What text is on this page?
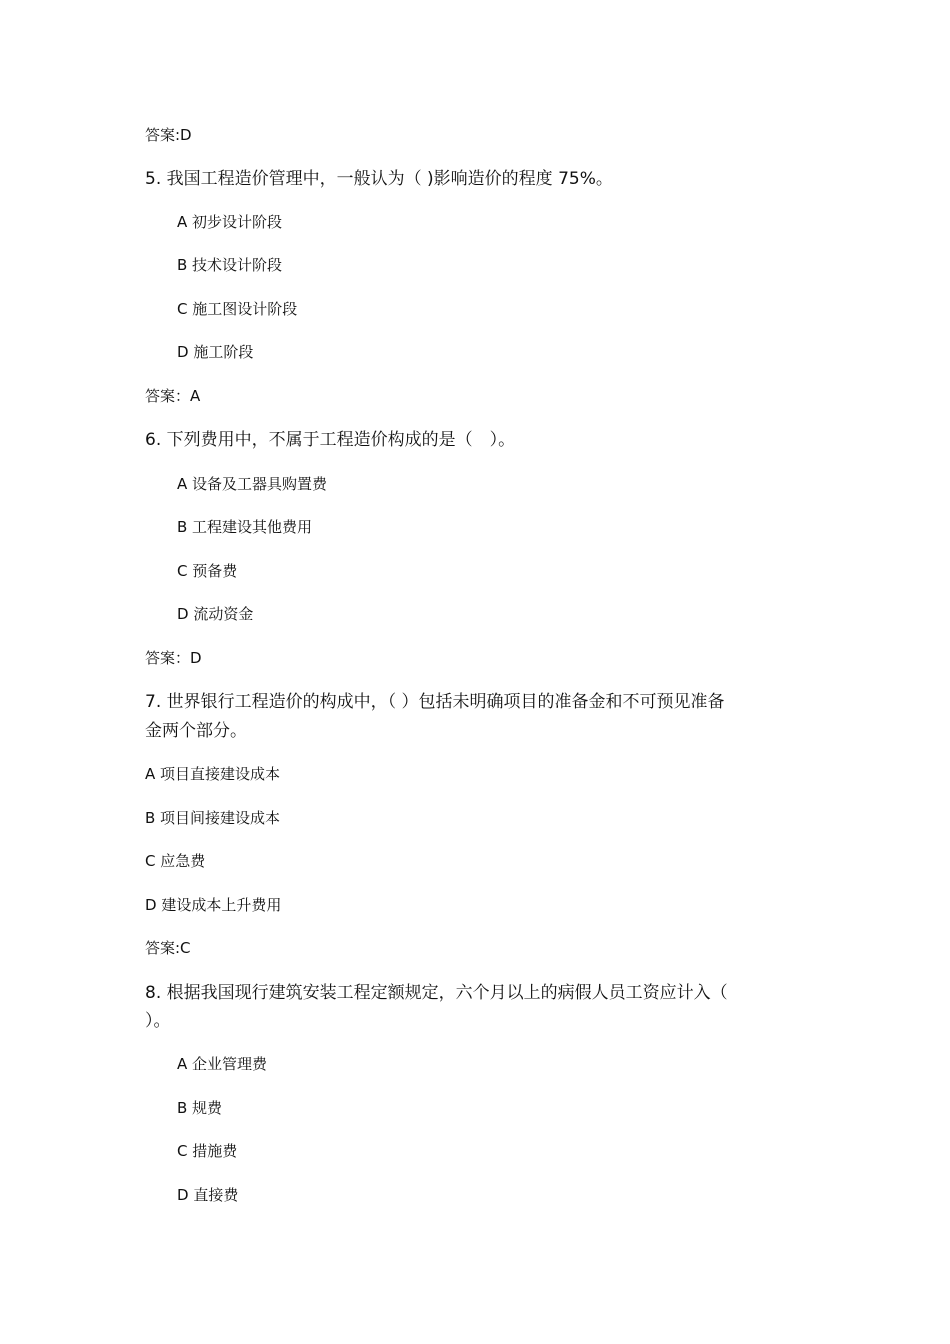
答案:D
5. 我国工程造价管理中，一般认为（ )影响造价的程度 75%。
A 初步设计阶段
B 技术设计阶段
C 施工图设计阶段
D 施工阶段
答案：A
6. 下列费用中，不属于工程造价构成的是（　）。
A 设备及工器具购置费
B 工程建设其他费用
C 预备费
D 流动资金
答案：D
7. 世界银行工程造价的构成中，（ ）包括未明确项目的准备金和不可预见准备
金两个部分。
A 项目直接建设成本
B 项目间接建设成本
C 应急费
D 建设成本上升费用
答案:C
8. 根据我国现行建筑安装工程定额规定，六个月以上的病假人员工资应计入（
）。
A 企业管理费
B 规费
C 措施费
D 直接费
